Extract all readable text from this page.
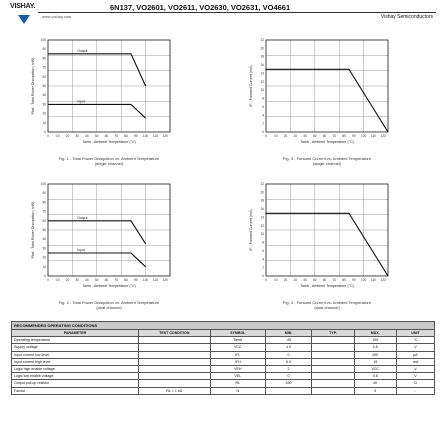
VISHAY.	6N137, VO2601, VO2611, VO2630, VO2631, VO4661
www.vishay.com	Vishay Semiconductors
0 10 20 30 40 50 60 70 80 90 100 110 120
0
10
20
30
40
50
60
70
80
90
100
Tamb - Ambient Temperature (°C)
Ptot - Total Power Dissipation (mW)
Output
Input
Fig. 1 - Total Power Dissipation vs. Ambient Temperature
(single channel)
0 10 20 30 40 50 60 70 80 90 100 110 120
0
2
4
6
8
10
12
14
16
18
20
22
Tamb - Ambient Temperature (°C)
IF - Forward Current (mA)
Fig. 3 - Forward Current vs. Ambient Temperature
(single channel)
0 10 20 30 40 50 60 70 80 90 100 110 120
0
10
20
30
40
50
60
70
80
90
100
Tamb - Ambient Temperature (°C)
Ptot - Total Power Dissipation (mW)	Output
Input
Fig. 2 - Total Power Dissipation vs. Ambient Temperature
(dual channel)
0 10 20 30 40 50 60 70 80 90 100 110 120
0
2
4
6
8
10
12
14
16
18
20
22
Tamb - Ambient Temperature (°C)
IF - Forward Current (mA)
Fig. 4 - Forward Current vs. Ambient Temperature
(dual channel)
RECOMMENDED OPERATING CONDITIONS						
PARAMETER	TEST CONDITION	SYMBOL	MIN.	TYP.	MAX.	UNIT
Operating temperature		Tamb	-40		100	°C
Supply voltage		VCC	4.5		5.5	V
Input current low level		IFL	0		250	µA
Input current high level		IFH	6.3		15	mA
Logic high enable voltage		VEH	2		VCC	V
Logic low enable voltage		VEL	0		0.8	V
Output pull up resistor		RL	330		4K	Ω
Fanout	RL = 1 kΩ	N			5	-
